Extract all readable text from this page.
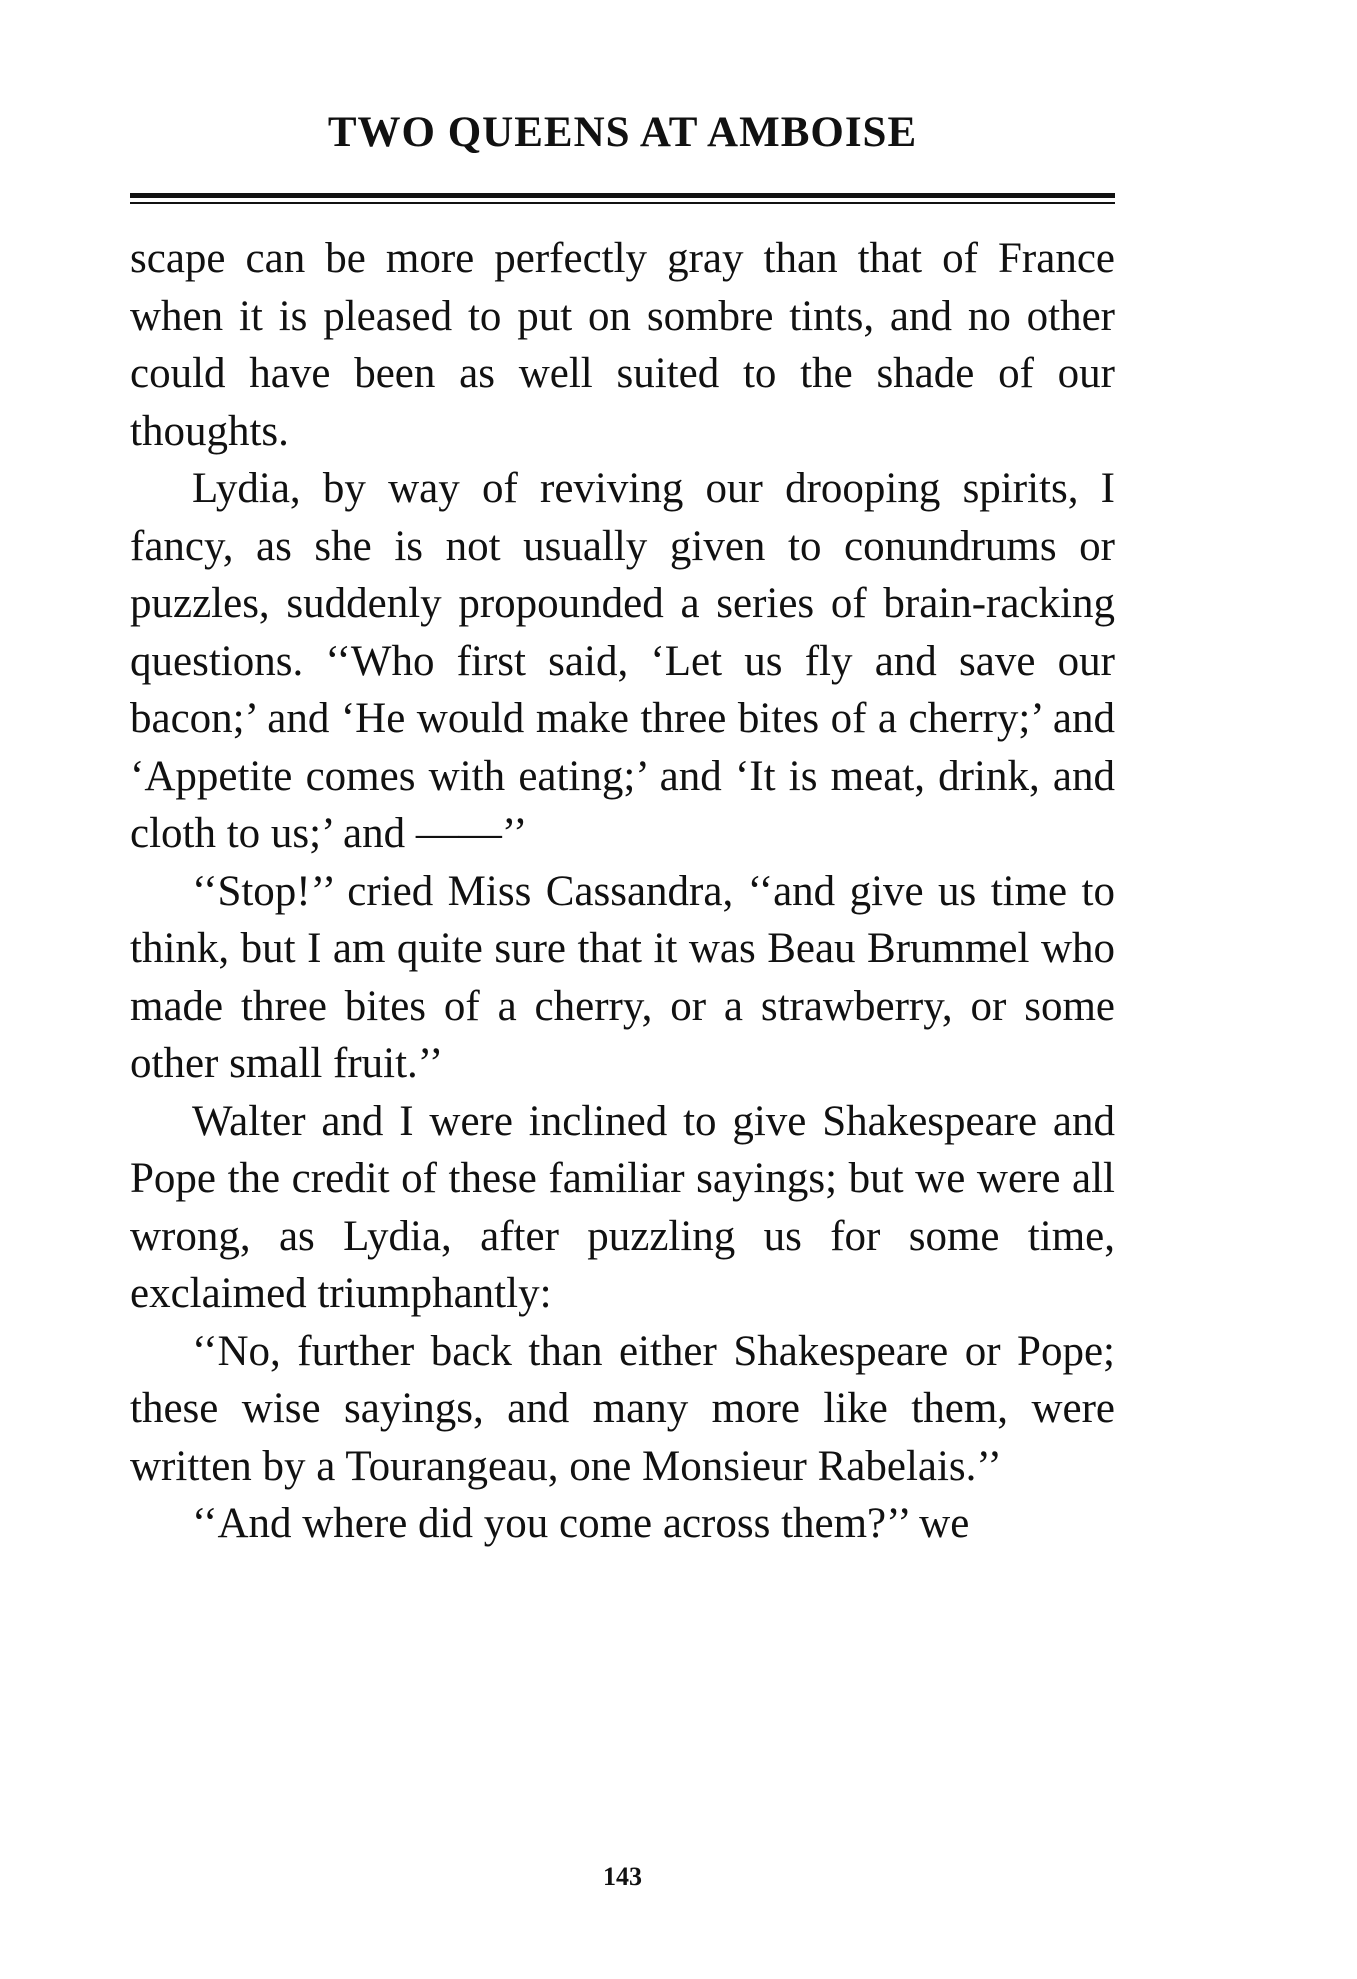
TWO QUEENS AT AMBOISE

scape can be more perfectly gray than that of France when it is pleased to put on sombre tints, and no other could have been as well suited to the shade of our thoughts.

Lydia, by way of reviving our drooping spirits, I fancy, as she is not usually given to conundrums or puzzles, suddenly propounded a series of brain-racking questions. ‘‘Who first said, ‘Let us fly and save our bacon;’ and ‘He would make three bites of a cherry;’ and ‘Appetite comes with eating;’ and ‘It is meat, drink, and cloth to us;’ and ——’’

‘‘Stop!’’ cried Miss Cassandra, ‘‘and give us time to think, but I am quite sure that it was Beau Brummel who made three bites of a cherry, or a strawberry, or some other small fruit.’’

Walter and I were inclined to give Shakespeare and Pope the credit of these familiar sayings; but we were all wrong, as Lydia, after puzzling us for some time, exclaimed triumphantly:

‘‘No, further back than either Shakespeare or Pope; these wise sayings, and many more like them, were written by a Tourangeau, one Monsieur Rabelais.’’

‘‘And where did you come across them?’’ we

143
